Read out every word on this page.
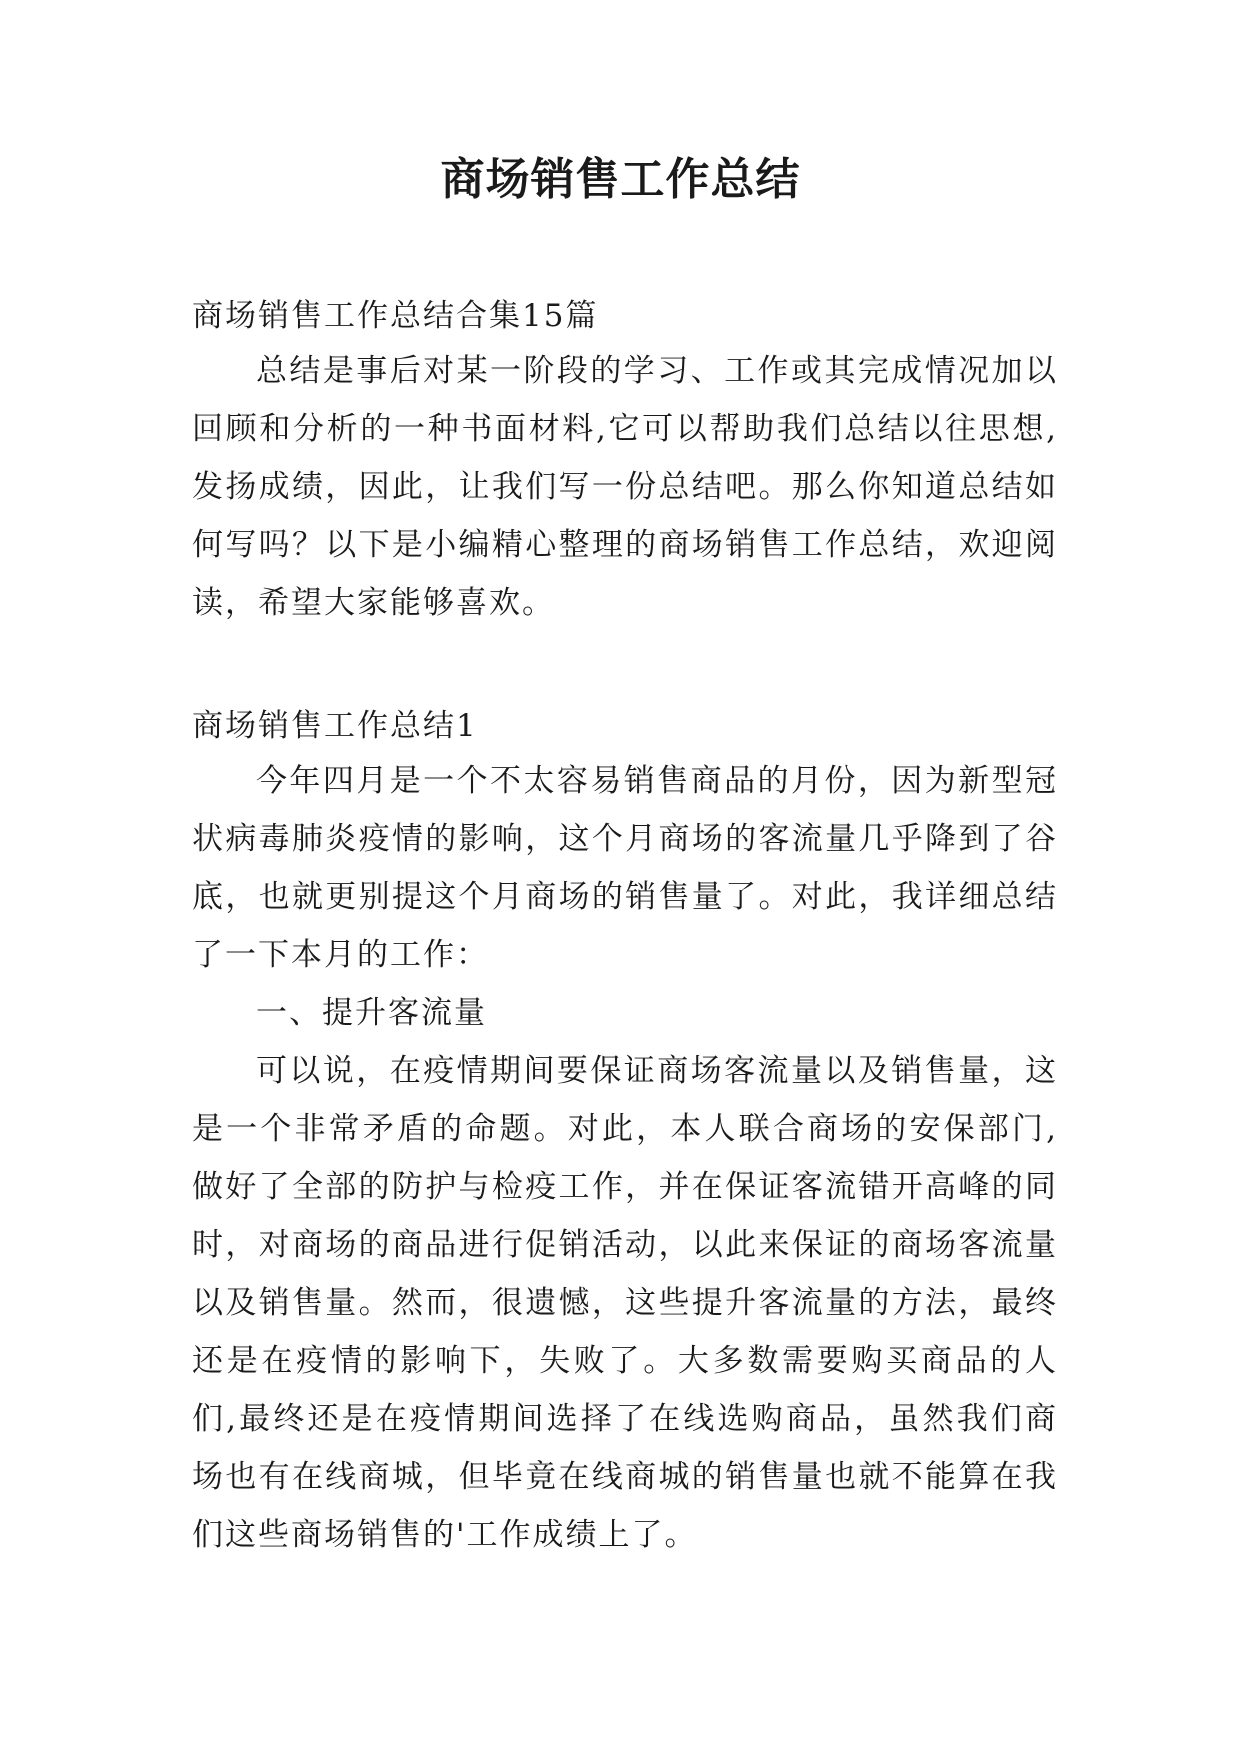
商场销售工作总结
商场销售工作总结合集15篇
总结是事后对某一阶段的学习、工作或其完成情况加以回顾和分析的一种书面材料,它可以帮助我们总结以往思想,发扬成绩，因此，让我们写一份总结吧。那么你知道总结如何写吗？以下是小编精心整理的商场销售工作总结，欢迎阅读，希望大家能够喜欢。
商场销售工作总结1
今年四月是一个不太容易销售商品的月份，因为新型冠状病毒肺炎疫情的影响，这个月商场的客流量几乎降到了谷底，也就更别提这个月商场的销售量了。对此，我详细总结了一下本月的工作：
一、提升客流量
可以说，在疫情期间要保证商场客流量以及销售量，这是一个非常矛盾的命题。对此，本人联合商场的安保部门,做好了全部的防护与检疫工作，并在保证客流错开高峰的同时，对商场的商品进行促销活动，以此来保证的商场客流量以及销售量。然而，很遗憾，这些提升客流量的方法，最终还是在疫情的影响下，失败了。大多数需要购买商品的人们,最终还是在疫情期间选择了在线选购商品，虽然我们商场也有在线商城，但毕竟在线商城的销售量也就不能算在我们这些商场销售的'工作成绩上了。
